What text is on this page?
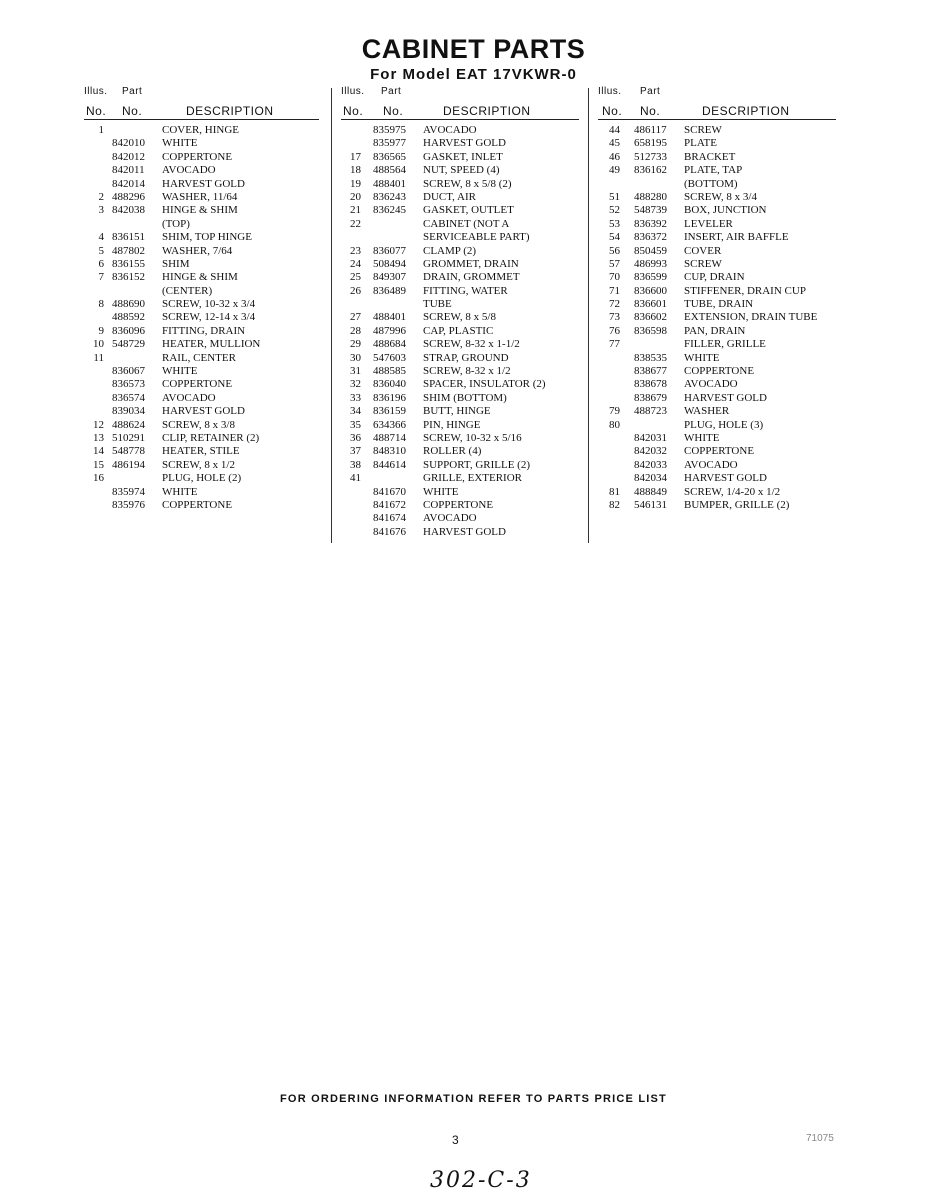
CABINET PARTS
For Model EAT 17VKWR-0
Illus. Part
No. No.	DESCRIPTION
1	COVER, HINGE
842010 WHITE
842012 COPPERTONE
842011 AVOCADO
842014 HARVEST GOLD
2 488296 WASHER, 11/64
3 842038 HINGE & SHIM
(TOP)
4 836151 SHIM, TOP HINGE
5 487802 WASHER, 7/64
6 836155 SHIM
7 836152 HINGE & SHIM
(CENTER)
8 488690 SCREW, 10-32 x 3/4
488592 SCREW, 12-14 x 3/4
9 836096 FITTING, DRAIN
10 548729 HEATER, MULLION
11	RAIL, CENTER
836067 WHITE
836573 COPPERTONE
836574 AVOCADO
839034 HARVEST GOLD
12 488624 SCREW, 8 x 3/8
13 510291 CLIP, RETAINER (2)
14 548778 HEATER, STILE
15 486194 SCREW, 8 x 1/2
16	PLUG, HOLE (2)
835974 WHITE
835976 COPPERTONE
Illus. Part
No. No.	DESCRIPTION
835975 AVOCADO
835977 HARVEST GOLD
17 836565 GASKET, INLET
18 488564 NUT, SPEED (4)
19 488401 SCREW, 8 x 5/8 (2)
20 836243 DUCT, AIR
21 836245 GASKET, OUTLET
22	CABINET (NOT A
SERVICEABLE PART)
23 836077 CLAMP (2)
24 508494 GROMMET, DRAIN
25 849307 DRAIN, GROMMET
26 836489 FITTING, WATER
TUBE
27 488401 SCREW, 8 x 5/8
28 487996 CAP, PLASTIC
29 488684 SCREW, 8-32 x 1-1/2
30 547603 STRAP, GROUND
31 488585 SCREW, 8-32 x 1/2
32 836040 SPACER, INSULATOR (2)
33 836196 SHIM (BOTTOM)
34 836159 BUTT, HINGE
35 634366 PIN, HINGE
36 488714 SCREW, 10-32 x 5/16
37 848310 ROLLER (4)
38 844614 SUPPORT, GRILLE (2)
41	GRILLE, EXTERIOR
841670 WHITE
841672 COPPERTONE
841674 AVOCADO
841676 HARVEST GOLD
Illus. Part
No. No.	DESCRIPTION
44 486117 SCREW
45 658195 PLATE
46 512733 BRACKET
49 836162 PLATE, TAP
(BOTTOM)
51 488280 SCREW, 8 x 3/4
52 548739 BOX, JUNCTION
53 836392 LEVELER
54 836372 INSERT, AIR BAFFLE
56 850459 COVER
57 486993 SCREW
70 836599 CUP, DRAIN
71 836600 STIFFENER, DRAIN CUP
72 836601 TUBE, DRAIN
73 836602 EXTENSION, DRAIN TUBE
76 836598 PAN, DRAIN
77	FILLER, GRILLE
838535 WHITE
838677 COPPERTONE
838678 AVOCADO
838679 HARVEST GOLD
79 488723 WASHER
80	PLUG, HOLE (3)
842031 WHITE
842032 COPPERTONE
842033 AVOCADO
842034 HARVEST GOLD
81 488849 SCREW, 1/4-20 x 1/2
82 546131 BUMPER, GRILLE (2)
FOR ORDERING INFORMATION REFER TO PARTS PRICE LIST
3	71075
302-C-3
